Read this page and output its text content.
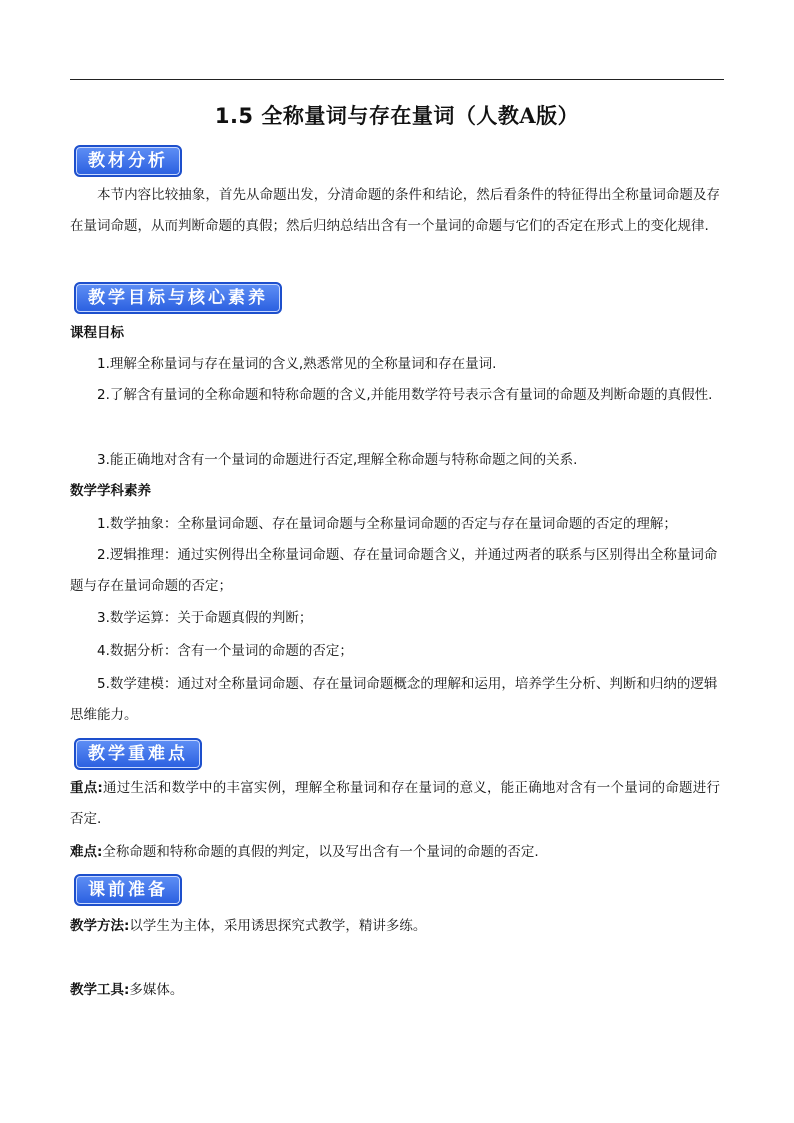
1.5 全称量词与存在量词（人教A版）
教材分析

本节内容比较抽象，首先从命题出发，分清命题的条件和结论，然后看条件的特征得出全称量词命题及存在量词命题，从而判断命题的真假；然后归纳总结出含有一个量词的命题与它们的否定在形式上的变化规律.

教学目标与核心素养
课程目标

1.理解全称量词与存在量词的含义,熟悉常见的全称量词和存在量词.

2.了解含有量词的全称命题和特称命题的含义,并能用数学符号表示含有量词的命题及判断命题的真假性.

3.能正确地对含有一个量词的命题进行否定,理解全称命题与特称命题之间的关系.

数学学科素养

1.数学抽象：全称量词命题、存在量词命题与全称量词命题的否定与存在量词命题的否定的理解；

2.逻辑推理：通过实例得出全称量词命题、存在量词命题含义，并通过两者的联系与区别得出全称量词命题与存在量词命题的否定；

3.数学运算：关于命题真假的判断；

4.数据分析：含有一个量词的命题的否定；

5.数学建模：通过对全称量词命题、存在量词命题概念的理解和运用，培养学生分析、判断和归纳的逻辑思维能力。

教学重难点

重点:通过生活和数学中的丰富实例，理解全称量词和存在量词的意义，能正确地对含有一个量词的命题进行否定.

难点:全称命题和特称命题的真假的判定，以及写出含有一个量词的命题的否定.

课前准备

教学方法:以学生为主体，采用诱思探究式教学，精讲多练。

教学工具:多媒体。
